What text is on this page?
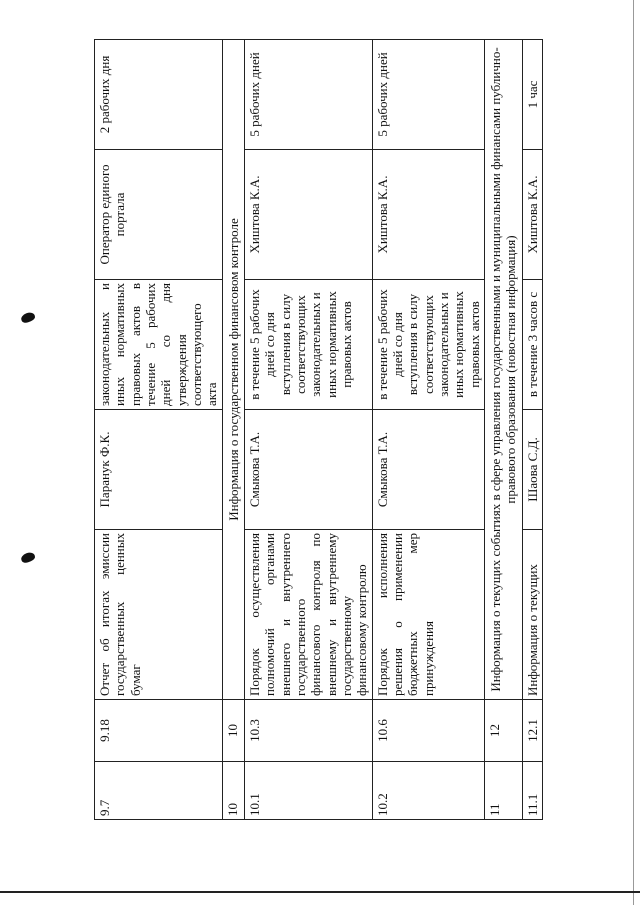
9.7	9.18	Отчет об итогах эмиссии государственных ценных бумаг	Паранук Ф.К.	законодательных и иных нормативных правовых актов в течение 5 рабочих дней со дня утверждения соответствующего акта	Оператор единого портала	2 рабочих дня
10	10	Информация о государственном финансовом контроле				
10.1	10.3	Порядок осуществления полномочий органами внешнего и внутреннего государственного финансового контроля по внешнему и внутреннему государственному финансовому контролю	Смыкова Т.А.	в течение 5 рабочих дней со дня вступления в силу соответствующих законодательных и иных нормативных правовых актов	Хиштова К.А.	5 рабочих дней
10.2	10.6	Порядок исполнения решения о применении бюджетных мер принуждения	Смыкова Т.А.	в течение 5 рабочих дней со дня вступления в силу соответствующих законодательных и иных нормативных правовых актов	Хиштова К.А.	5 рабочих дней
11	12	Информация о текущих событиях в сфере управления государственными и муниципальными финансами публично-правового образования (новостная информация)				
11.1	12.1	Информация о текущих	Шаова С.Д.	в течение 3 часов с	Хиштова К.А.	1 час
